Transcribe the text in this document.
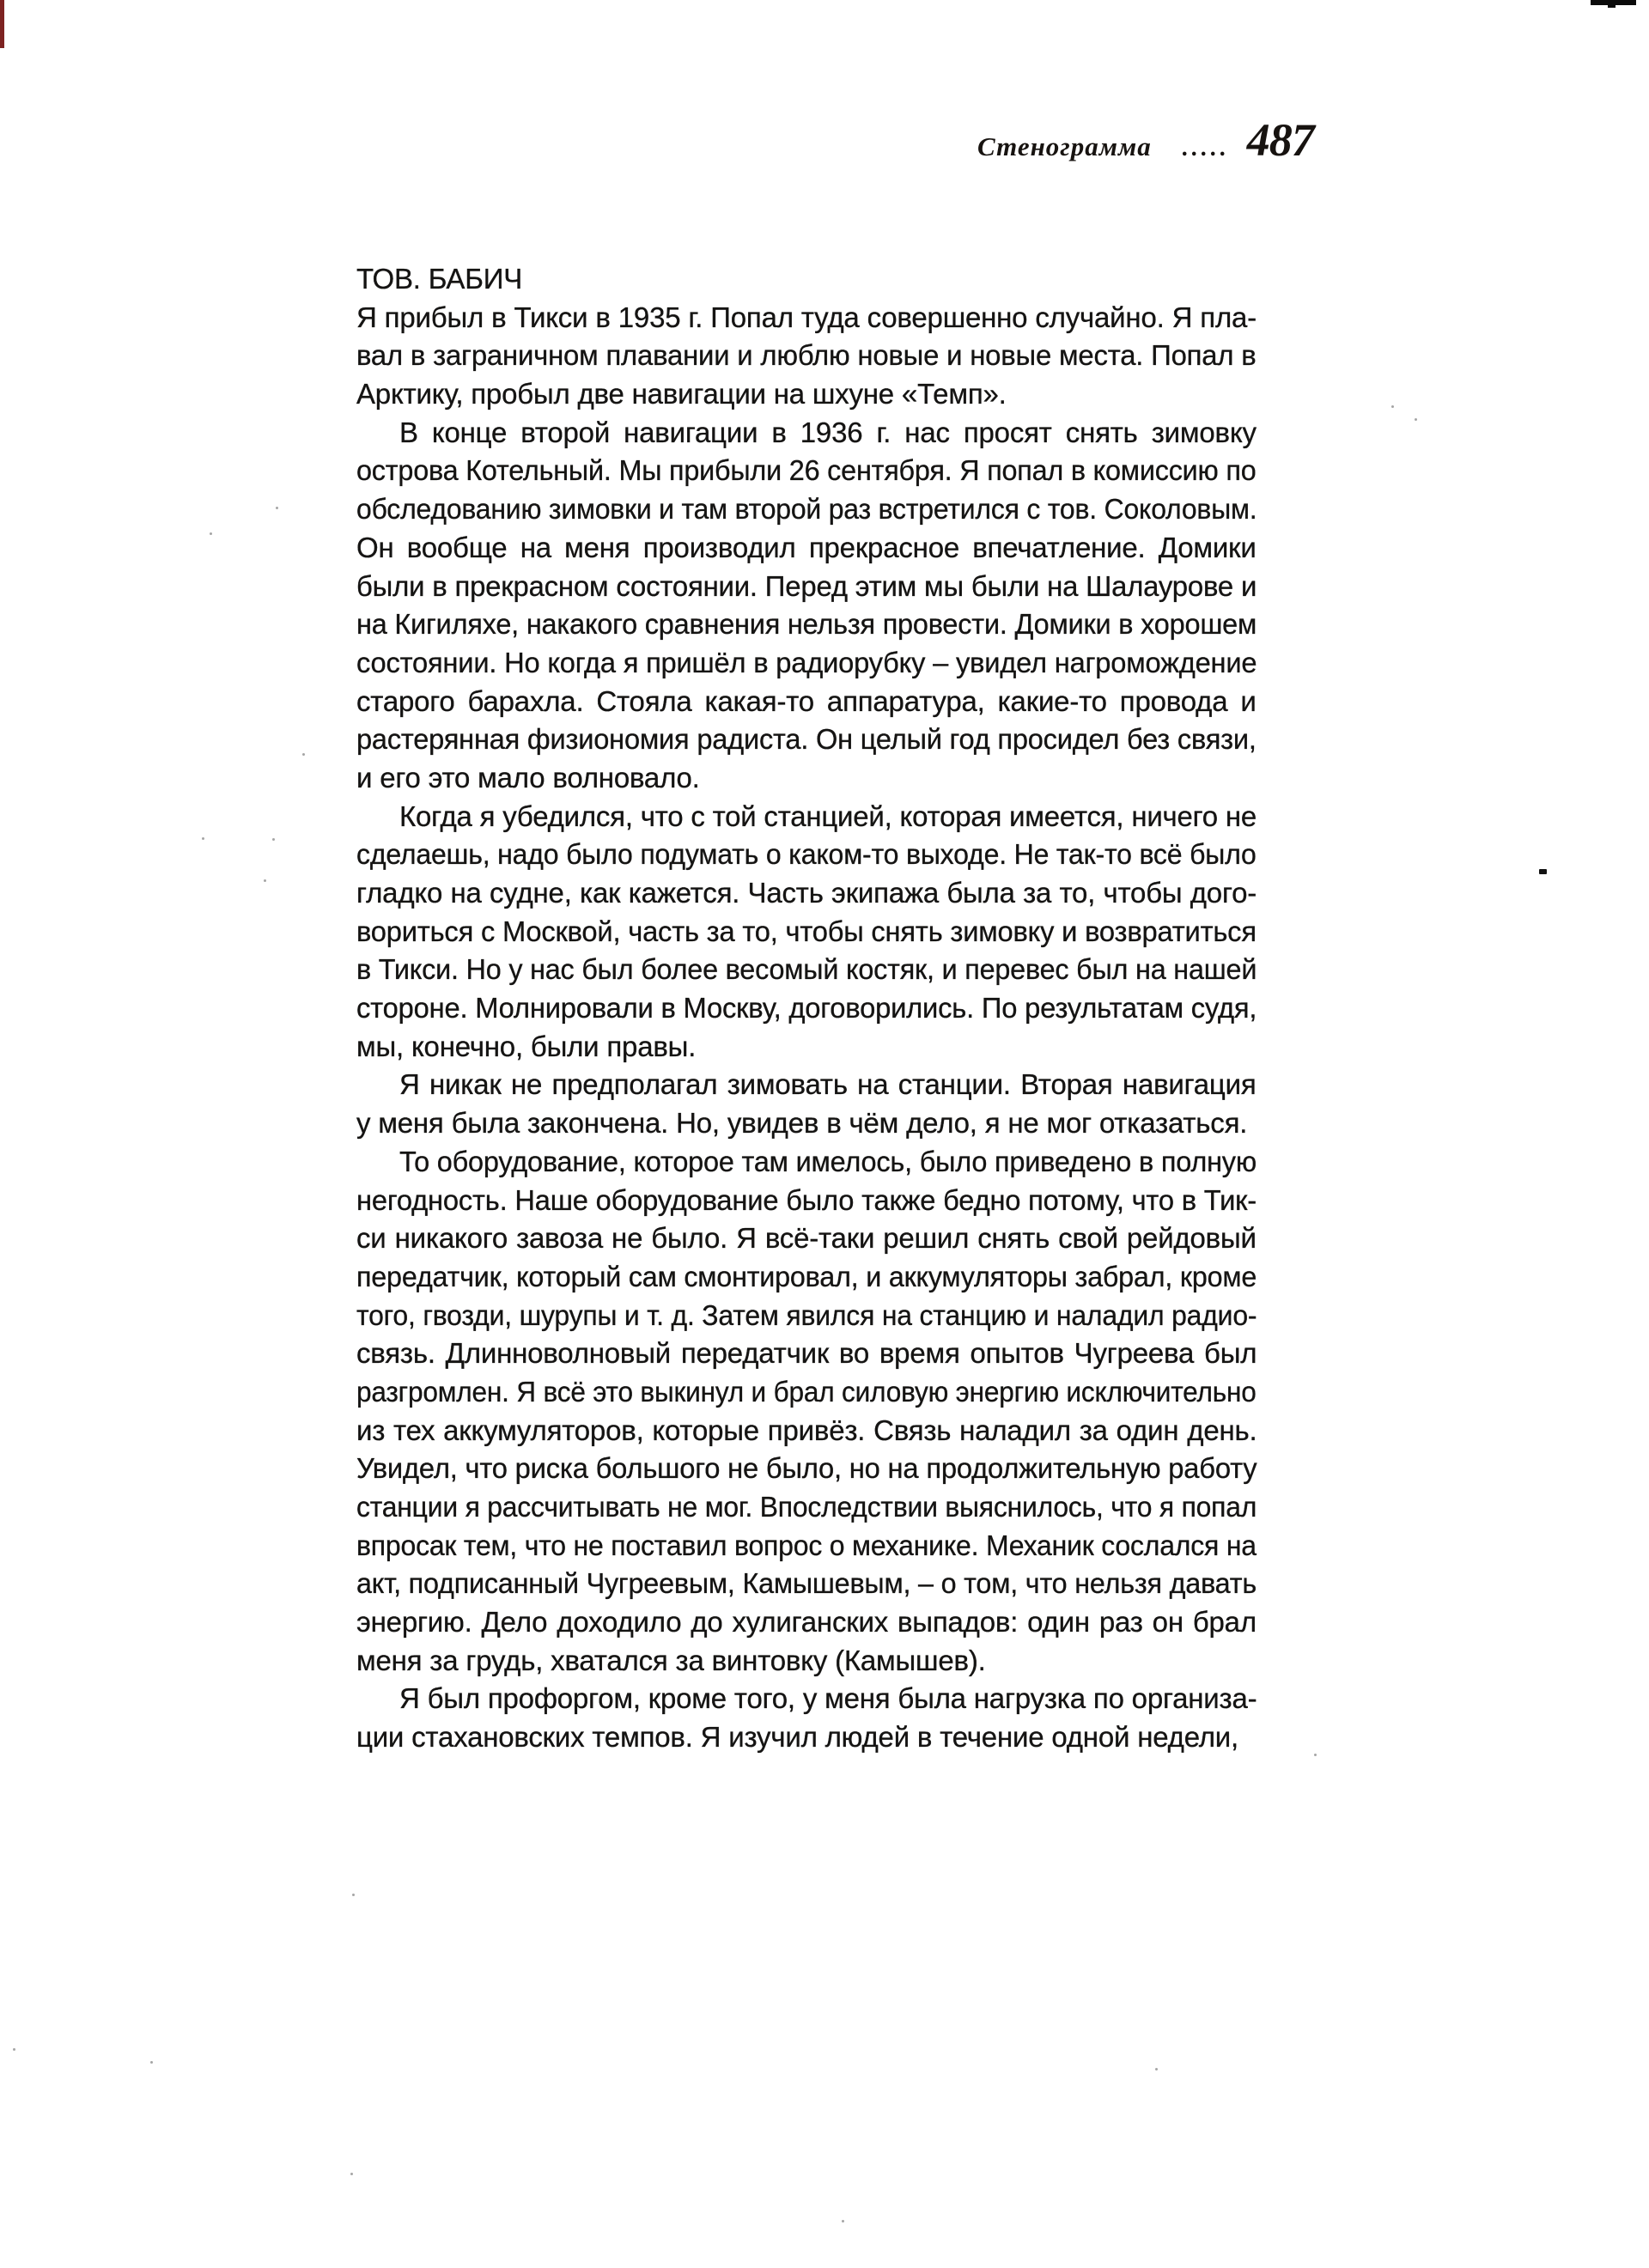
Стенограмма ..... 487
ТОВ. БАБИЧ
Я прибыл в Тикси в 1935 г. Попал туда совершенно случайно. Я пла-
вал в заграничном плавании и люблю новые и новые места. Попал в
Арктику, пробыл две навигации на шхуне «Темп».
В конце второй навигации в 1936 г. нас просят снять зимовку
острова Котельный. Мы прибыли 26 сентября. Я попал в комиссию по
обследованию зимовки и там второй раз встретился с тов. Соколовым.
Он вообще на меня производил прекрасное впечатление. Домики
были в прекрасном состоянии. Перед этим мы были на Шалаурове и
на Кигиляхе, накакого сравнения нельзя провести. Домики в хорошем
состоянии. Но когда я пришёл в радиорубку – увидел нагромождение
старого барахла. Стояла какая-то аппаратура, какие-то провода и
растерянная физиономия радиста. Он целый год просидел без связи,
и его это мало волновало.
Когда я убедился, что с той станцией, которая имеется, ничего не
сделаешь, надо было подумать о каком-то выходе. Не так-то всё было
гладко на судне, как кажется. Часть экипажа была за то, чтобы дого-
вориться с Москвой, часть за то, чтобы снять зимовку и возвратиться
в Тикси. Но у нас был более весомый костяк, и перевес был на нашей
стороне. Молнировали в Москву, договорились. По результатам судя,
мы, конечно, были правы.
Я никак не предполагал зимовать на станции. Вторая навигация
у меня была закончена. Но, увидев в чём дело, я не мог отказаться.
То оборудование, которое там имелось, было приведено в полную
негодность. Наше оборудование было также бедно потому, что в Тик-
си никакого завоза не было. Я всё-таки решил снять свой рейдовый
передатчик, который сам смонтировал, и аккумуляторы забрал, кроме
того, гвозди, шурупы и т. д. Затем явился на станцию и наладил радио-
связь. Длинноволновый передатчик во время опытов Чугреева был
разгромлен. Я всё это выкинул и брал силовую энергию исключительно
из тех аккумуляторов, которые привёз. Связь наладил за один день.
Увидел, что риска большого не было, но на продолжительную работу
станции я рассчитывать не мог. Впоследствии выяснилось, что я попал
впросак тем, что не поставил вопрос о механике. Механик сослался на
акт, подписанный Чугреевым, Камышевым, – о том, что нельзя давать
энергию. Дело доходило до хулиганских выпадов: один раз он брал
меня за грудь, хватался за винтовку (Камышев).
Я был профоргом, кроме того, у меня была нагрузка по организа-
ции стахановских темпов. Я изучил людей в течение одной недели,
